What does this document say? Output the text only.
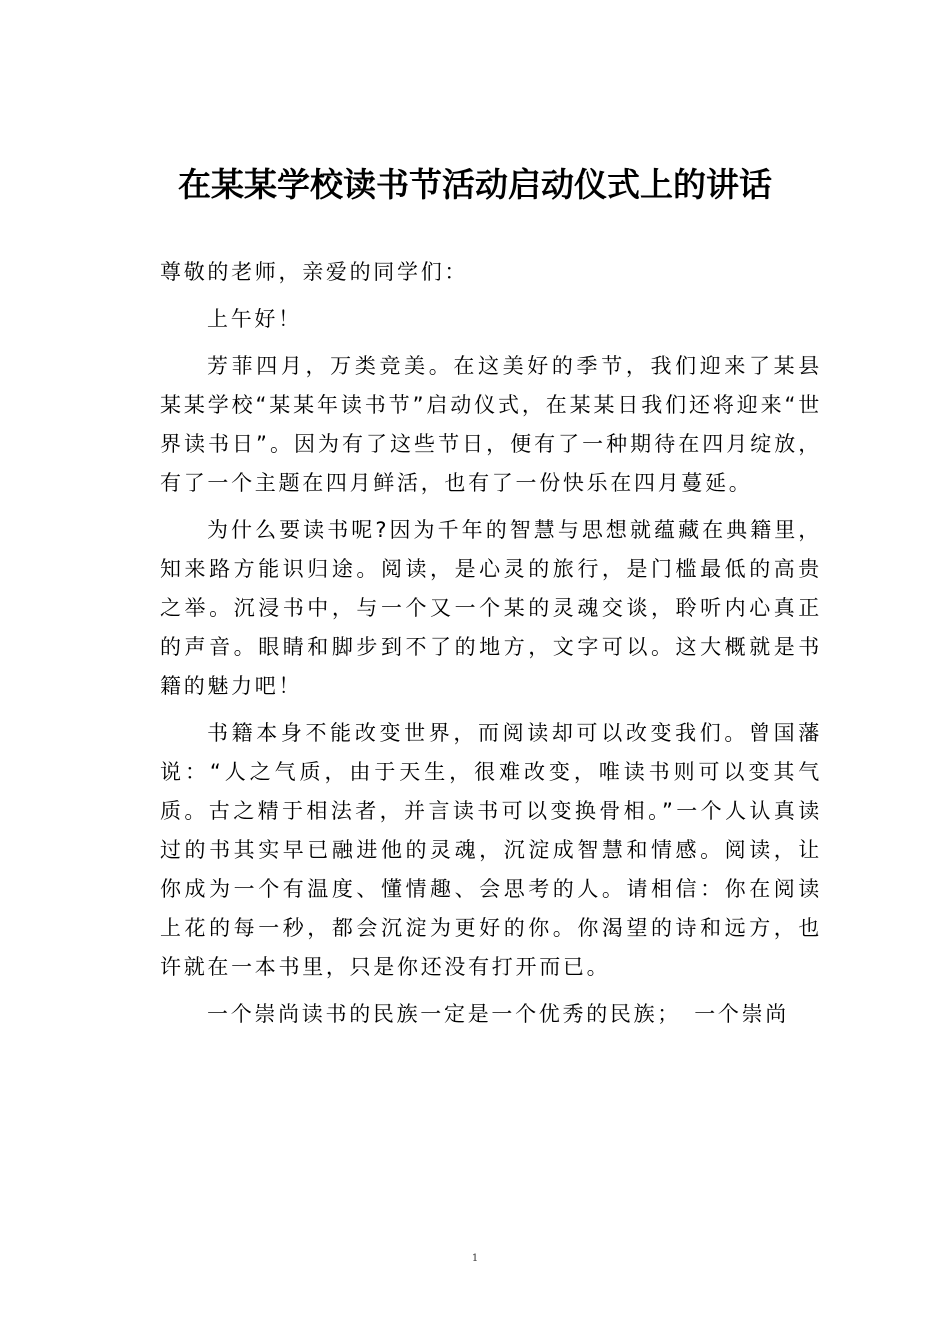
在某某学校读书节活动启动仪式上的讲话

尊敬的老师，亲爱的同学们：

上午好！

芳菲四月，万类竞美。在这美好的季节，我们迎来了某县某某学校“某某年读书节”启动仪式，在某某日我们还将迎来“世界读书日”。因为有了这些节日，便有了一种期待在四月绽放，有了一个主题在四月鲜活，也有了一份快乐在四月蔓延。

为什么要读书呢?因为千年的智慧与思想就蕴藏在典籍里，知来路方能识归途。阅读，是心灵的旅行，是门槛最低的高贵之举。沉浸书中，与一个又一个某的灵魂交谈，聆听内心真正的声音。眼睛和脚步到不了的地方，文字可以。这大概就是书籍的魅力吧！

书籍本身不能改变世界，而阅读却可以改变我们。曾国藩说：“人之气质，由于天生，很难改变，唯读书则可以变其气质。古之精于相法者，并言读书可以变换骨相。”一个人认真读过的书其实早已融进他的灵魂，沉淀成智慧和情感。阅读，让你成为一个有温度、懂情趣、会思考的人。请相信：你在阅读上花的每一秒，都会沉淀为更好的你。你渴望的诗和远方，也许就在一本书里，只是你还没有打开而已。

一个崇尚读书的民族一定是一个优秀的民族；　一个崇尚

1
